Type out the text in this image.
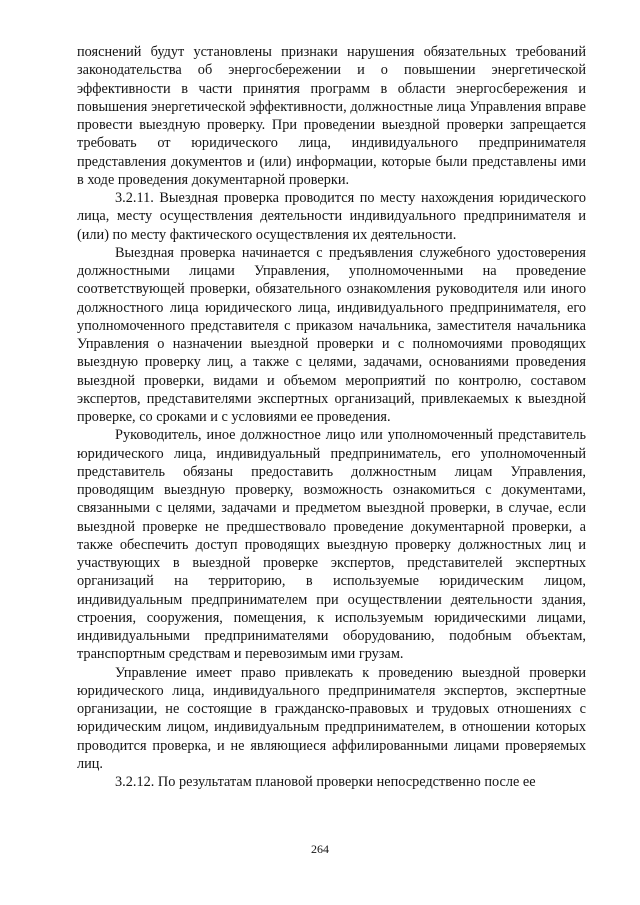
пояснений будут установлены признаки нарушения обязательных требований законодательства об энергосбережении и о повышении энергетической эффективности в части принятия программ в области энергосбережения и повышения энергетической эффективности, должностные лица Управления вправе провести выездную проверку. При проведении выездной проверки запрещается требовать от юридического лица, индивидуального предпринимателя представления документов и (или) информации, которые были представлены ими в ходе проведения документарной проверки.

3.2.11. Выездная проверка проводится по месту нахождения юридического лица, месту осуществления деятельности индивидуального предпринимателя и (или) по месту фактического осуществления их деятельности.

Выездная проверка начинается с предъявления служебного удостоверения должностными лицами Управления, уполномоченными на проведение соответствующей проверки, обязательного ознакомления руководителя или иного должностного лица юридического лица, индивидуального предпринимателя, его уполномоченного представителя с приказом начальника, заместителя начальника Управления о назначении выездной проверки и с полномочиями проводящих выездную проверку лиц, а также с целями, задачами, основаниями проведения выездной проверки, видами и объемом мероприятий по контролю, составом экспертов, представителями экспертных организаций, привлекаемых к выездной проверке, со сроками и с условиями ее проведения.

Руководитель, иное должностное лицо или уполномоченный представитель юридического лица, индивидуальный предприниматель, его уполномоченный представитель обязаны предоставить должностным лицам Управления, проводящим выездную проверку, возможность ознакомиться с документами, связанными с целями, задачами и предметом выездной проверки, в случае, если выездной проверке не предшествовало проведение документарной проверки, а также обеспечить доступ проводящих выездную проверку должностных лиц и участвующих в выездной проверке экспертов, представителей экспертных организаций на территорию, в используемые юридическим лицом, индивидуальным предпринимателем при осуществлении деятельности здания, строения, сооружения, помещения, к используемым юридическими лицами, индивидуальными предпринимателями оборудованию, подобным объектам, транспортным средствам и перевозимым ими грузам.

Управление имеет право привлекать к проведению выездной проверки юридического лица, индивидуального предпринимателя экспертов, экспертные организации, не состоящие в гражданско-правовых и трудовых отношениях с юридическим лицом, индивидуальным предпринимателем, в отношении которых проводится проверка, и не являющиеся аффилированными лицами проверяемых лиц.

3.2.12. По результатам плановой проверки непосредственно после ее

264
